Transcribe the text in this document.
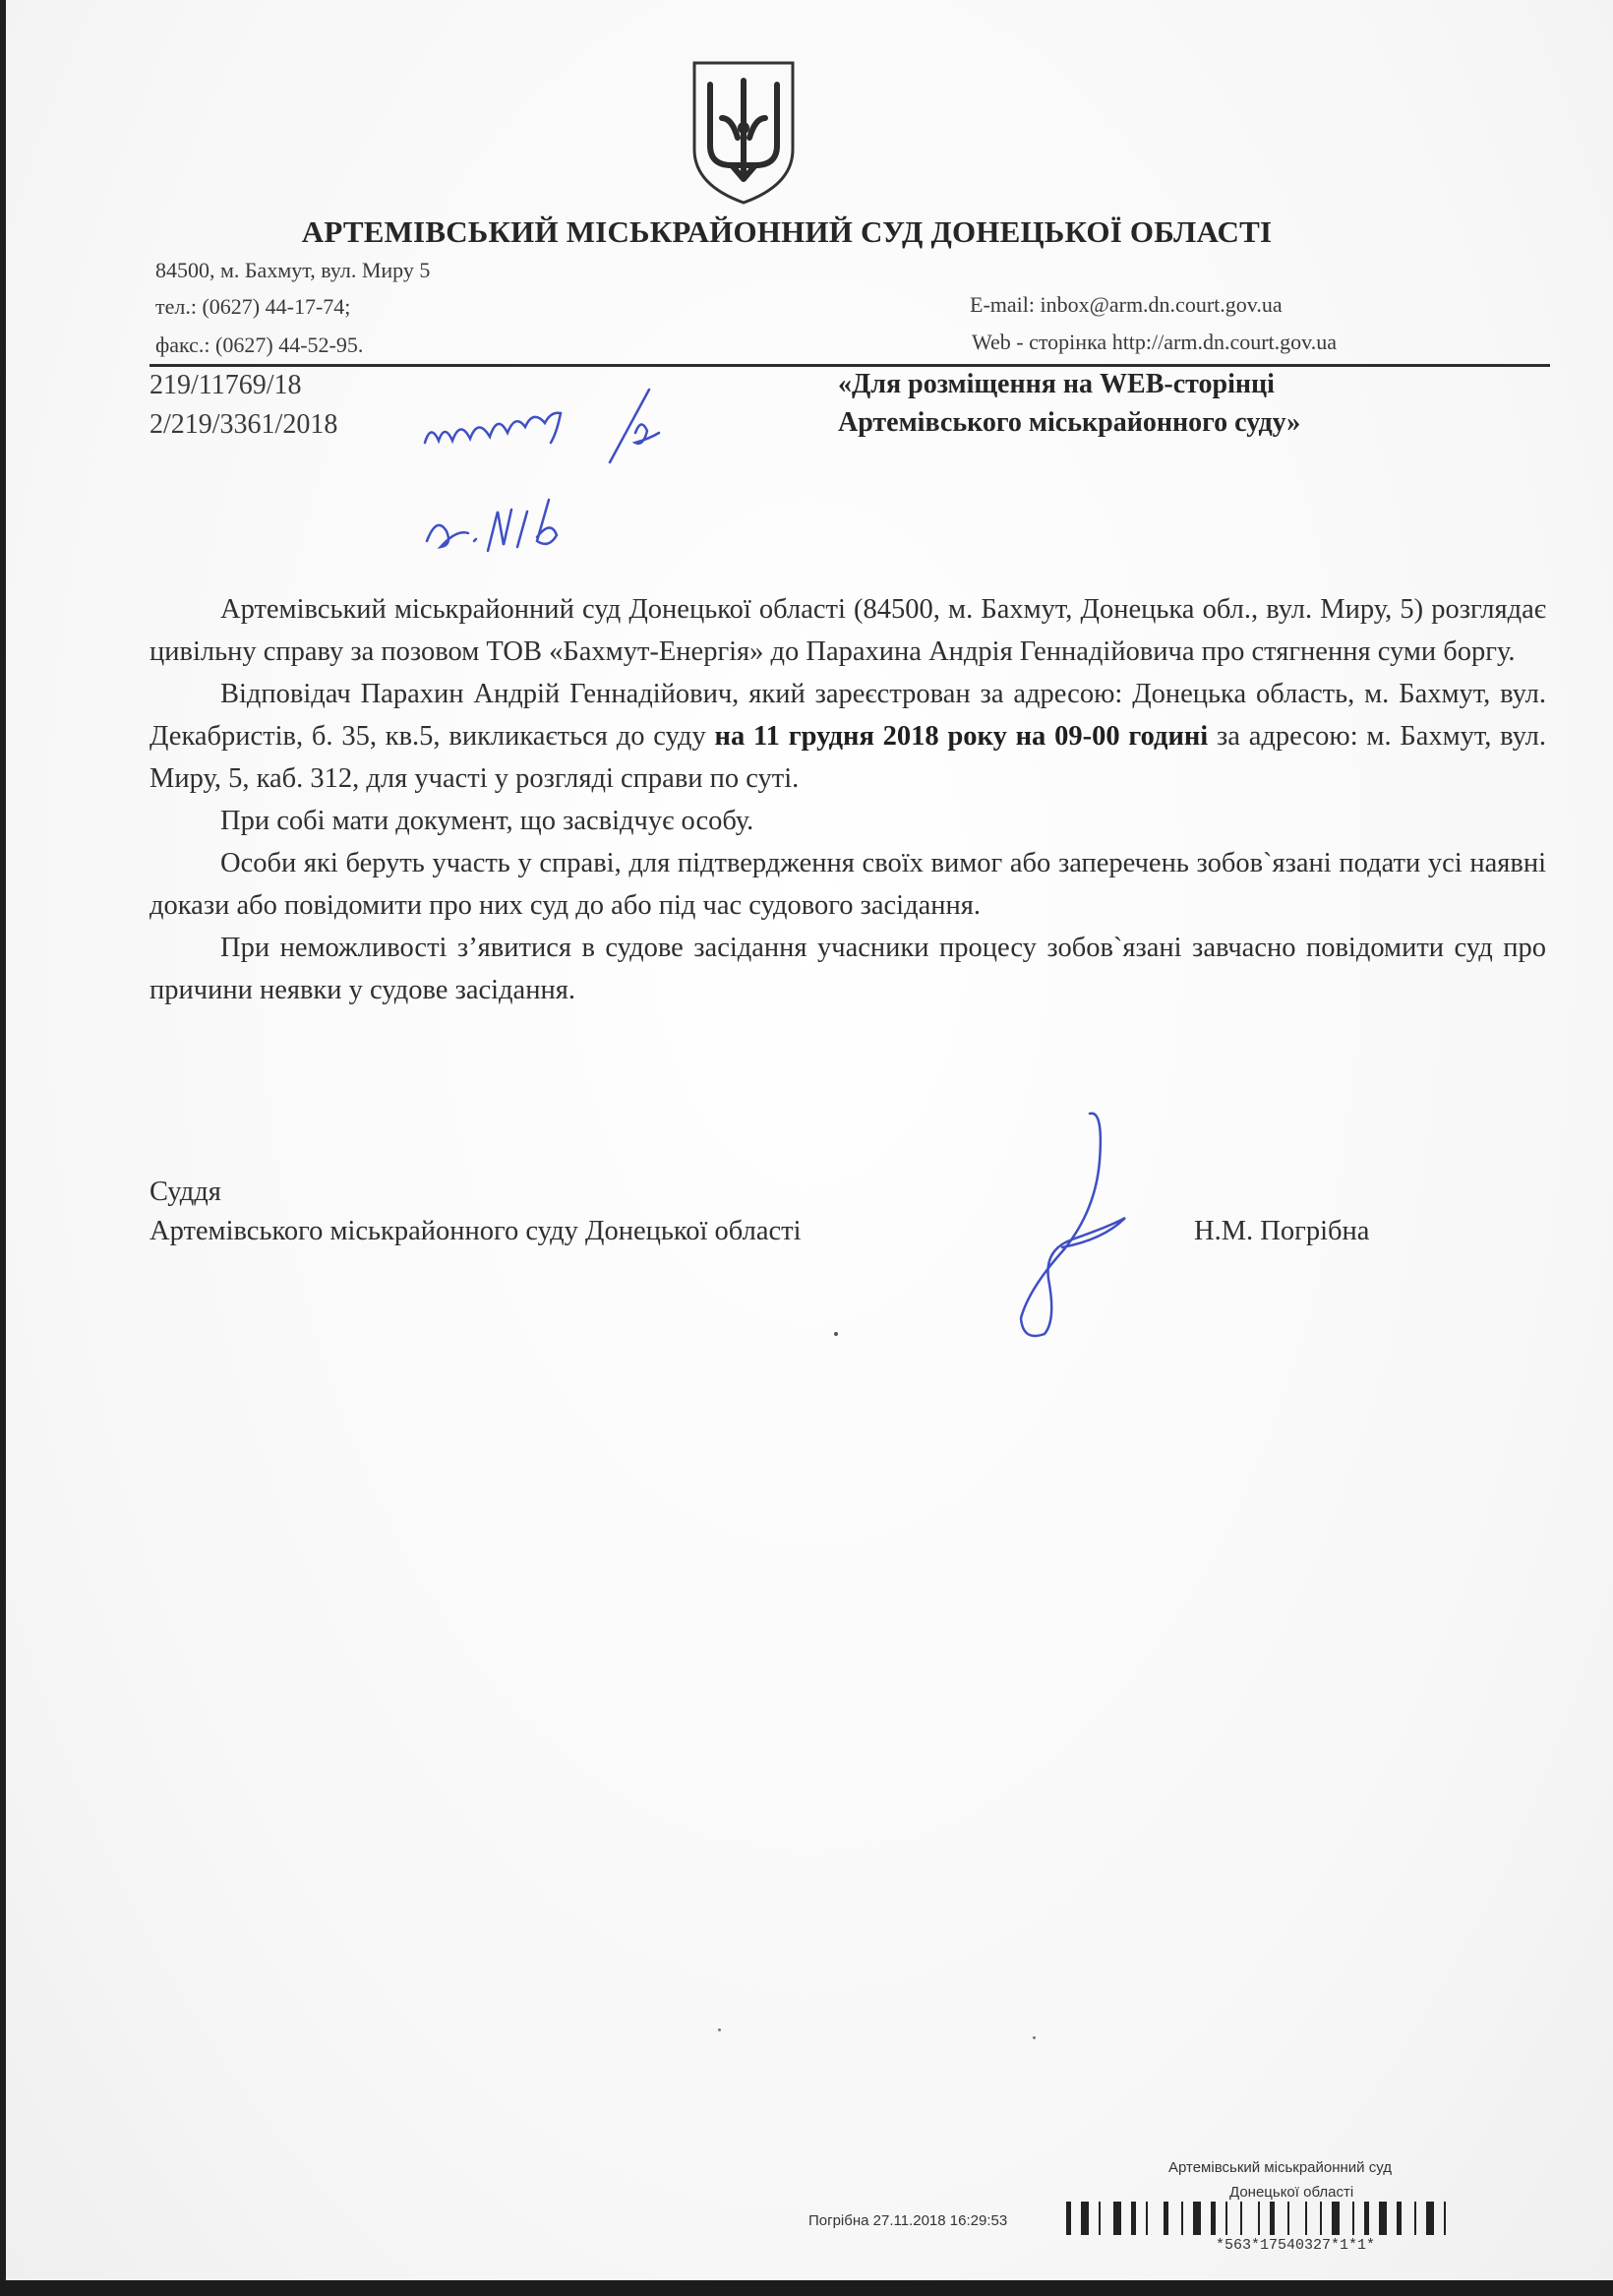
АРТЕМІВСЬКИЙ МІСЬКРАЙОННИЙ СУД ДОНЕЦЬКОЇ ОБЛАСТІ
84500, м. Бахмут, вул. Миру 5
тел.: (0627) 44-17-74;
факс.: (0627) 44-52-95.
E-mail: inbox@arm.dn.court.gov.ua
Web - сторінка http://arm.dn.court.gov.ua
219/11769/18
2/219/3361/2018
«Для розміщення на WEB-сторінці
Артемівського міськрайонного суду»

Артемівський міськрайонний суд Донецької області (84500, м. Бахмут, Донецька обл., вул. Миру, 5) розглядає цивільну справу за позовом ТОВ «Бахмут-Енергія» до Парахина Андрія Геннадійовича про стягнення суми боргу.

Відповідач Парахин Андрій Геннадійович, який зареєстрован за адресою: Донецька область, м. Бахмут, вул. Декабристів, б. 35, кв.5, викликається до суду на 11 грудня 2018 року на 09-00 годині за адресою: м. Бахмут, вул. Миру, 5, каб. 312, для участі у розгляді справи по суті.

При собі мати документ, що засвідчує особу.

Особи які беруть участь у справі, для підтвердження своїх вимог або заперечень зобов`язані подати усі наявні докази або повідомити про них суд до або під час судового засідання.

При неможливості з’явитися в судове засідання учасники процесу зобов`язані завчасно повідомити суд про причини неявки у судове засідання.

Суддя
Артемівського міськрайонного суду Донецької області	Н.М. Погрібна
Артемівський міськрайонний суд
Донецької області
Погрібна 27.11.2018 16:29:53
*563*17540327*1*1*
